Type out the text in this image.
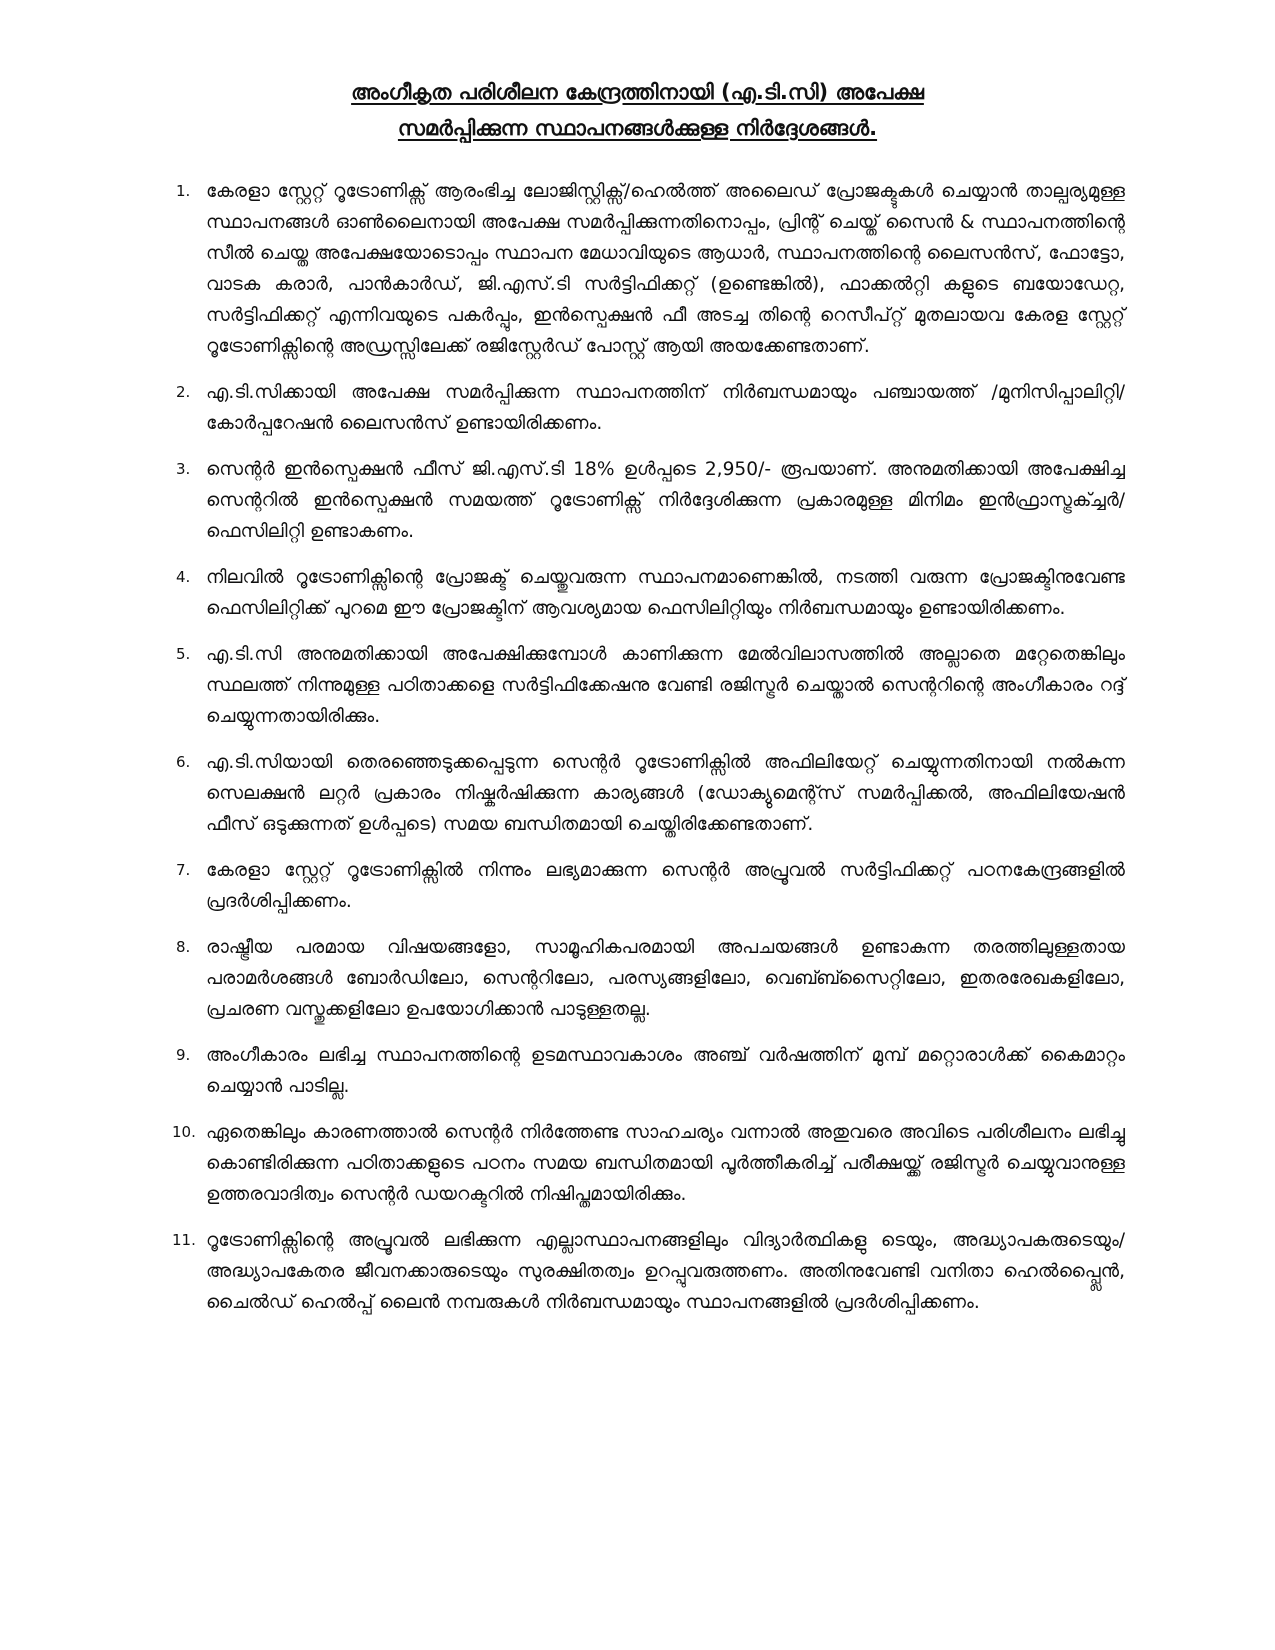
അംഗീകൃത പരിശീലന കേന്ദ്രത്തിനായി (എ.ടി.സി) അപേക്ഷ
സമർപ്പിക്കുന്ന സ്ഥാപനങ്ങൾക്കുള്ള നിർദ്ദേശങ്ങൾ.
1. കേരളാ സ്റ്റേറ്റ് റൂട്രോണിക്സ് ആരംഭിച്ച ലോജിസ്റ്റിക്സ്/ഹെൽത്ത് അലൈഡ് പ്രോജക്ടുകൾ ചെയ്യാൻ താല്പര്യമുള്ള സ്ഥാപനങ്ങൾ ഓൺലൈനായി അപേക്ഷ സമർപ്പിക്കുന്നതിനൊപ്പം, പ്രിന്റ് ചെയ്ത് സൈൻ & സ്ഥാപനത്തിന്റെ സീൽ ചെയ്ത അപേക്ഷയോടൊപ്പം സ്ഥാപന മേധാവിയുടെ ആധാർ, സ്ഥാപനത്തിന്റെ ലൈസൻസ്, ഫോട്ടോ, വാടക കരാർ, പാൻകാർഡ്, ജി.എസ്.ടി സർട്ടിഫിക്കറ്റ് (ഉണ്ടെങ്കിൽ), ഫാക്കൽറ്റി കളുടെ ബയോഡേറ്റ, സർട്ടിഫിക്കറ്റ് എന്നിവയുടെ പകർപ്പും, ഇൻസ്പെക്ഷൻ ഫീ അടച്ച തിന്റെ റെസീപ്റ്റ് മുതലായവ കേരള സ്റ്റേറ്റ് റൂട്രോണിക്സിന്റെ അഡ്രസ്സിലേക്ക് രജിസ്റ്റേർഡ് പോസ്റ്റ് ആയി അയക്കേണ്ടതാണ്.
2. എ.ടി.സിക്കായി അപേക്ഷ സമർപ്പിക്കുന്ന സ്ഥാപനത്തിന് നിർബന്ധമായും പഞ്ചായത്ത് /മുനിസിപ്പാലിറ്റി/കോർപ്പറേഷൻ ലൈസൻസ് ഉണ്ടായിരിക്കണം.
3. സെന്റർ ഇൻസ്പെക്ഷൻ ഫീസ് ജി.എസ്.ടി 18% ഉൾപ്പടെ 2,950/- രൂപയാണ്. അനുമതിക്കായി അപേക്ഷിച്ച സെന്ററിൽ ഇൻസ്പെക്ഷൻ സമയത്ത് റൂട്രോണിക്സ് നിർദ്ദേശിക്കുന്ന പ്രകാരമുള്ള മിനിമം ഇൻഫ്രാസ്ട്രക്ച്ചർ/ഫെസിലിറ്റി ഉണ്ടാകണം.
4. നിലവിൽ റൂട്രോണിക്സിന്റെ പ്രോജക്ട് ചെയ്തുവരുന്ന സ്ഥാപനമാണെങ്കിൽ, നടത്തി വരുന്ന പ്രോജക്ടിനുവേണ്ട ഫെസിലിറ്റിക്ക് പുറമെ ഈ പ്രോജക്ടിന് ആവശ്യമായ ഫെസിലിറ്റിയും നിർബന്ധമായും ഉണ്ടായിരിക്കണം.
5. എ.ടി.സി അനുമതിക്കായി അപേക്ഷിക്കുമ്പോൾ കാണിക്കുന്ന മേൽവിലാസത്തിൽ അല്ലാതെ മറ്റേതെങ്കിലും സ്ഥലത്ത് നിന്നുമുള്ള പഠിതാക്കളെ സർട്ടിഫിക്കേഷനു വേണ്ടി രജിസ്ട്രർ ചെയ്താൽ സെന്ററിന്റെ അംഗീകാരം റദ്ദ് ചെയ്യുന്നതായിരിക്കും.
6. എ.ടി.സിയായി തെരഞ്ഞെടുക്കപ്പെടുന്ന സെന്റർ റൂട്രോണിക്സിൽ അഫിലിയേറ്റ് ചെയ്യുന്നതിനായി നൽകുന്ന സെലക്ഷൻ ലറ്റർ പ്രകാരം നിഷ്കർഷിക്കുന്ന കാര്യങ്ങൾ (ഡോക്യുമെന്റ്സ് സമർപ്പിക്കൽ, അഫിലിയേഷൻ ഫീസ് ഒടുക്കുന്നത് ഉൾപ്പടെ) സമയ ബന്ധിതമായി ചെയ്തിരിക്കേണ്ടതാണ്.
7. കേരളാ സ്റ്റേറ്റ് റൂട്രോണിക്സിൽ നിന്നും ലഭ്യമാക്കുന്ന സെന്റർ അപ്രൂവൽ സർട്ടിഫിക്കറ്റ് പഠനകേന്ദ്രങ്ങളിൽ പ്രദർശിപ്പിക്കണം.
8. രാഷ്ട്രീയ പരമായ വിഷയങ്ങളോ, സാമൂഹികപരമായി അപചയങ്ങൾ ഉണ്ടാകുന്ന തരത്തിലുള്ളതായ പരാമർശങ്ങൾ ബോർഡിലോ, സെന്ററിലോ, പരസ്യങ്ങളിലോ, വെബ്ബ്സൈറ്റിലോ, ഇതരരേഖകളിലോ, പ്രചരണ വസ്തുക്കളിലോ ഉപയോഗിക്കാൻ പാടുള്ളതല്ല.
9. അംഗീകാരം ലഭിച്ച സ്ഥാപനത്തിന്റെ ഉടമസ്ഥാവകാശം അഞ്ച് വർഷത്തിന് മുമ്പ് മറ്റൊരാൾക്ക് കൈമാറ്റം ചെയ്യാൻ പാടില്ല.
10. ഏതെങ്കിലും കാരണത്താൽ സെന്റർ നിർത്തേണ്ട സാഹചര്യം വന്നാൽ അതുവരെ അവിടെ പരിശീലനം ലഭിച്ചു കൊണ്ടിരിക്കുന്ന പഠിതാക്കളുടെ പഠനം സമയ ബന്ധിതമായി പൂർത്തീകരിച്ച് പരീക്ഷയ്ക്ക് രജിസ്ട്രർ ചെയ്യുവാനുള്ള ഉത്തരവാദിത്വം സെന്റർ ഡയറക്ടറിൽ നിഷിപ്തമായിരിക്കും.
11. റൂട്രോണിക്സിന്റെ അപ്രൂവൽ ലഭിക്കുന്ന എല്ലാസ്ഥാപനങ്ങളിലും വിദ്യാർത്ഥികളു ടെയും, അദ്ധ്യാപകരുടെയും/അദ്ധ്യാപകേതര ജീവനക്കാരുടെയും സുരക്ഷിതത്വം ഉറപ്പുവരുത്തണം. അതിനുവേണ്ടി വനിതാ ഹെൽപ്പ്ലൈൻ, ചൈൽഡ് ഹെൽപ്പ് ലൈൻ നമ്പരുകൾ നിർബന്ധമായും സ്ഥാപനങ്ങളിൽ പ്രദർശിപ്പിക്കണം.
